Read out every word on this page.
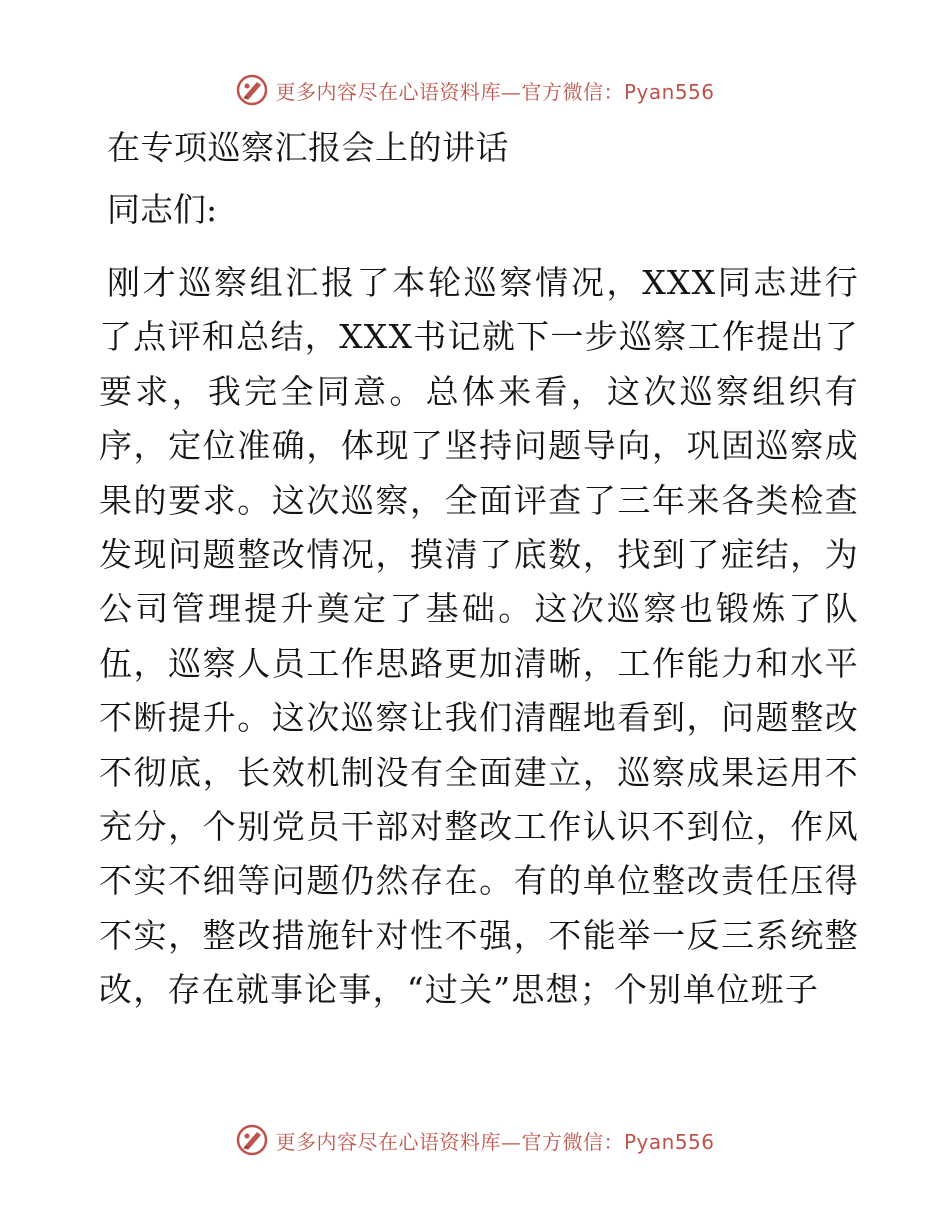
更多内容尽在心语资料库—官方微信：Pyan556
在专项巡察汇报会上的讲话

同志们:

刚才巡察组汇报了本轮巡察情况，XXX同志进行了点评和总结，XXX书记就下一步巡察工作提出了要求，我完全同意。总体来看，这次巡察组织有序，定位准确，体现了坚持问题导向，巩固巡察成果的要求。这次巡察，全面评查了三年来各类检查发现问题整改情况，摸清了底数，找到了症结，为公司管理提升奠定了基础。这次巡察也锻炼了队伍，巡察人员工作思路更加清晰，工作能力和水平不断提升。这次巡察让我们清醒地看到，问题整改不彻底，长效机制没有全面建立，巡察成果运用不充分，个别党员干部对整改工作认识不到位，作风不实不细等问题仍然存在。有的单位整改责任压得不实，整改措施针对性不强，不能举一反三系统整改，存在就事论事，“过关”思想；个别单位班子

更多内容尽在心语资料库—官方微信：Pyan556
